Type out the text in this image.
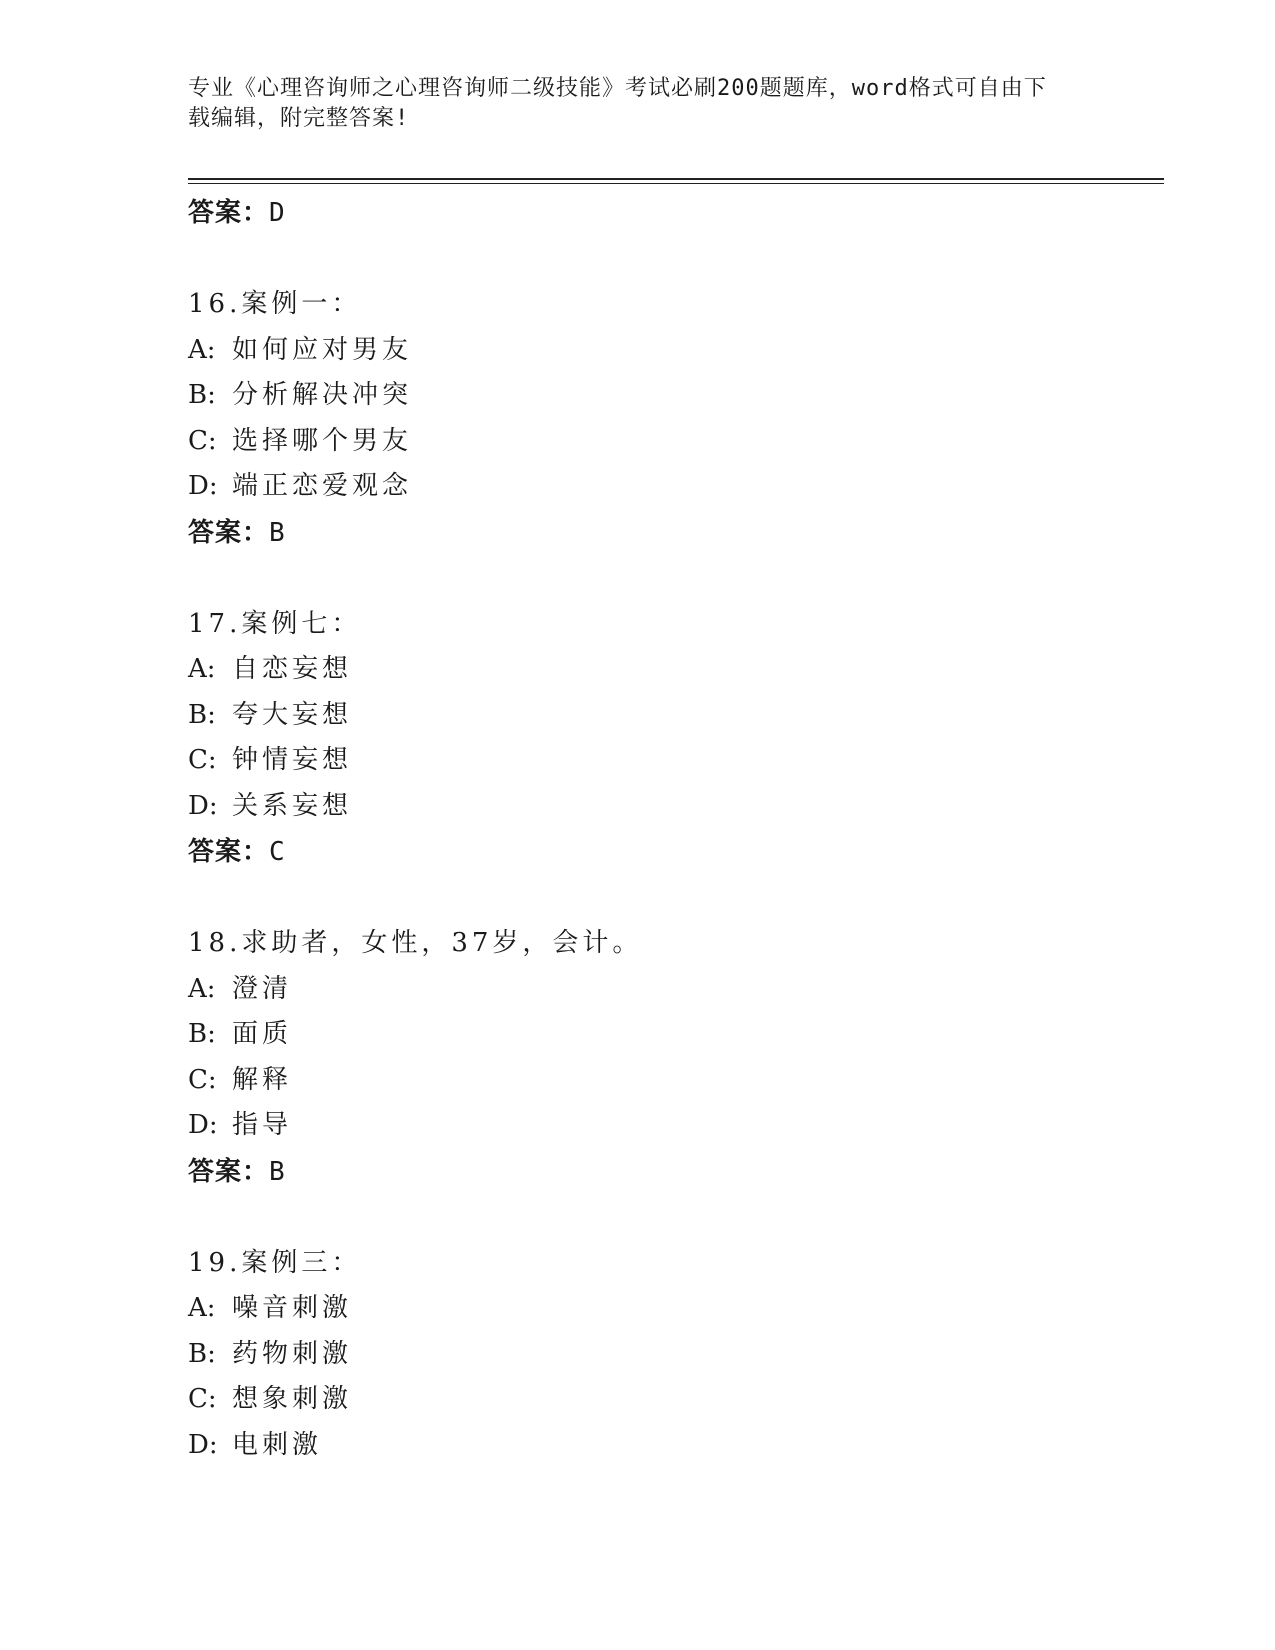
专业《心理咨询师之心理咨询师二级技能》考试必刷200题题库，word格式可自由下载编辑，附完整答案!
答案：D
16.案例一：
A: 如何应对男友
B: 分析解决冲突
C: 选择哪个男友
D: 端正恋爱观念
答案：B
17.案例七：
A: 自恋妄想
B: 夸大妄想
C: 钟情妄想
D: 关系妄想
答案：C
18.求助者，女性，37岁，会计。
A: 澄清
B: 面质
C: 解释
D: 指导
答案：B
19.案例三：
A: 噪音刺激
B: 药物刺激
C: 想象刺激
D: 电刺激
